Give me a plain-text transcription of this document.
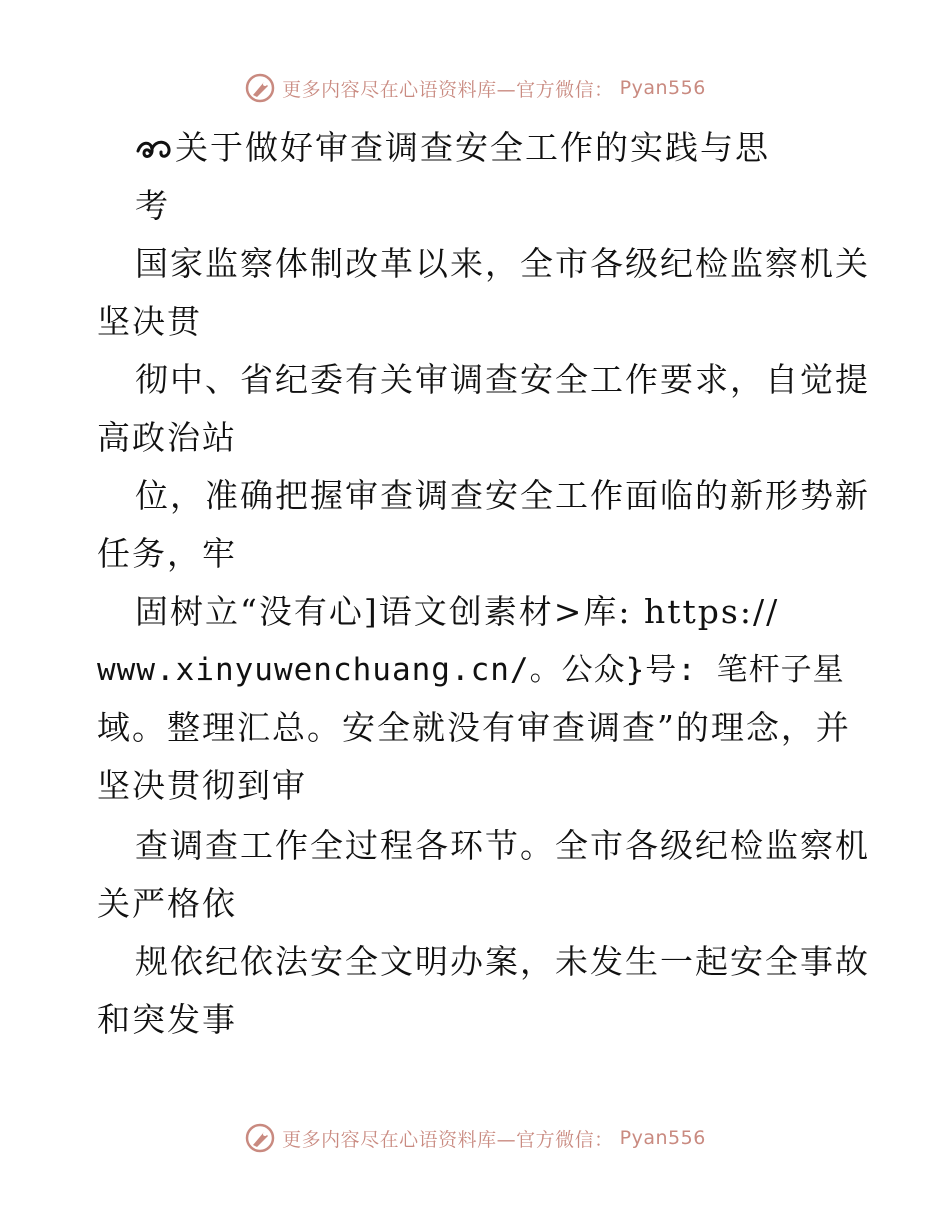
更多内容尽在心语资料库—官方微信： Pyan556
关于做好审查调查安全工作的实践与思
考
国家监察体制改革以来，全市各级纪检监察机关
坚决贯
彻中、省纪委有关审调查安全工作要求，自觉提
高政治站
位，准确把握审查调查安全工作面临的新形势新
任务，牢
固树立“没有心]语文创素材>库: https://
www.xinyuwenchuang.cn/。公众}号: 笔杆子星
域。整理汇总。安全就没有审查调查”的理念，并
坚决贯彻到审
查调查工作全过程各环节。全市各级纪检监察机
关严格依
规依纪依法安全文明办案，未发生一起安全事故
和突发事
更多内容尽在心语资料库—官方微信： Pyan556
